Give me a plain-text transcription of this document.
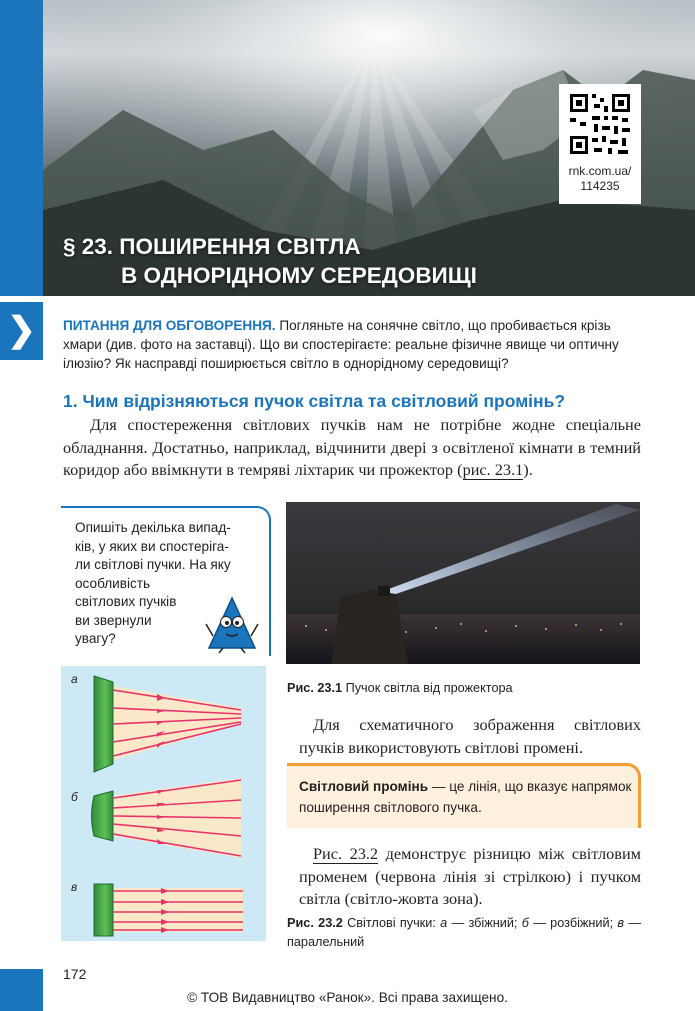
❯
rnk.com.ua/
114235
§ 23. ПОШИРЕННЯ СВІТЛА
В ОДНОРІДНОМУ СЕРЕДОВИЩІ
ПИТАННЯ ДЛЯ ОБГОВОРЕННЯ. Погляньте на сонячне світло, що пробивається крізь хмари (див. фото на заставці). Що ви спостерігаєте: реальне фізичне явище чи оптичну ілюзію? Як насправді поширюється світло в однорідному середовищі?
1. Чим відрізняються пучок світла та світловий промінь?
Для спостереження світлових пучків нам не потрібне жодне спеціальне обладнання. Достатньо, наприклад, відчинити двері з освітленої кімнати в темний коридор або ввімкнути в темряві ліхтарик чи прожектор (рис. 23.1).
Опишіть декілька випад-
ків, у яких ви спостеріга-
ли світлові пучки. На яку
особливість
світлових пучків
ви звернули
увагу?
Рис. 23.1 Пучок світла від прожектора
а
б
в
Для схематичного зображення світлових пучків використовують світлові промені.
Світловий промінь — це лінія, що вказує напрямок поширення світлового пучка.
Рис. 23.2 демонструє різницю між світловим променем (червона лінія зі стрілкою) і пучком світла (світло-жовта зона).
Рис. 23.2 Світлові пучки: а — збіжний; б — розбіжний; в — паралельний
172
© ТОВ Видавництво «Ранок». Всі права захищено.
